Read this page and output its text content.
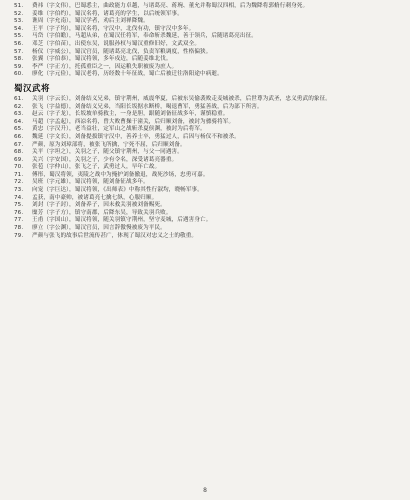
51.	费祎（字文伟），巴蜀悉主，曲政能力卓越，与诸葛亮、蒋琬、董允并称蜀汉四相，后为魏降将郭脩行刺身死。
52.	姜维（字伯约），蜀汉名将，诸葛亮的学生，以后统领军事。
53.	谯周（字允南），蜀汉学者，劝后主刘禅降魏。
54.	王平（字子均），蜀汉名将，守汉中，北伐有功，镇守汉中多年。
55.	马岱（字伯瞻），马超从弟，在蜀汉任将军，奉命斩杀魏延，善于领兵，后随诸葛亮出征。
56.	邓芝（字伯苗），出使东吴，说服孙权与蜀汉重修旧好，文武双全。
57.	杨仪（字威公），蜀汉官员，随诸葛亮北伐，负责军粮调度，性格偏狭。
58.	张翼（字伯恭），蜀汉将领，多年戍边，后随姜维北伐。
59.	李严（字正方），托孤重臣之一，因运粮失职被废为庶人。
60.	廖化（字元俭），蜀汉老将，历经数十年征战，蜀亡后被迁往洛阳途中病逝。
蜀汉武将
61.	关羽（字云长），刘备结义兄弟，镇守荆州，威震华夏，后被东吴偷袭败走麦城被杀，后世尊为武圣，忠义勇武的象征。
62.	张飞（字益德），刘备结义兄弟，当阳长坂据水断桥，喝退曹军，勇猛善战，后为部下所害。
63.	赵云（字子龙），长坂坡单骑救主，一身是胆，跟随刘备征战多年，谨慎稳重。
64.	马超（字孟起），西凉名将，曾大败曹操于潼关，后归顺刘备，被封为骠骑将军。
65.	黄忠（字汉升），老当益壮，定军山之战斩杀夏侯渊，被封为后将军。
66.	魏延（字文长），刘备提拔镇守汉中，善养士卒，勇猛过人，后因与杨仪不和被杀。
67.	严颜，原为刘璋部将，被张飞所擒，宁死不屈，后归顺刘备。
68.	关平（字坦之），关羽之子，随父镇守荆州，与父一同遇害。
69.	关兴（字安国），关羽之子，少有令名，深受诸葛亮器重。
70.	张苞（字仲山），张飞之子，武勇过人，早年亡故。
71.	傅彤，蜀汉将领，夷陵之战中为掩护刘备撤退，战死沙场，忠勇可嘉。
72.	吴班（字元雄），蜀汉将领，随刘备征战多年。
73.	向宠（字巨达），蜀汉将领，《出师表》中称其性行淑均，晓畅军事。
74.	孟获，南中豪帅，被诸葛亮七擒七纵，心服归顺。
75.	刘封（字子封），刘备养子，因未救关羽被刘备赐死。
76.	糜芳（字子方），镇守南郡，后降东吴，导致关羽兵败。
77.	王甫（字国山），蜀汉将领，随关羽镇守荆州，坚守麦城，后遇害身亡。
78.	廖立（字公渊），蜀汉官员，因言辞傲慢被废为平民。
79.	严颜与张飞的故事后世流传甚广，体现了蜀汉对忠义之士的敬重。
8
